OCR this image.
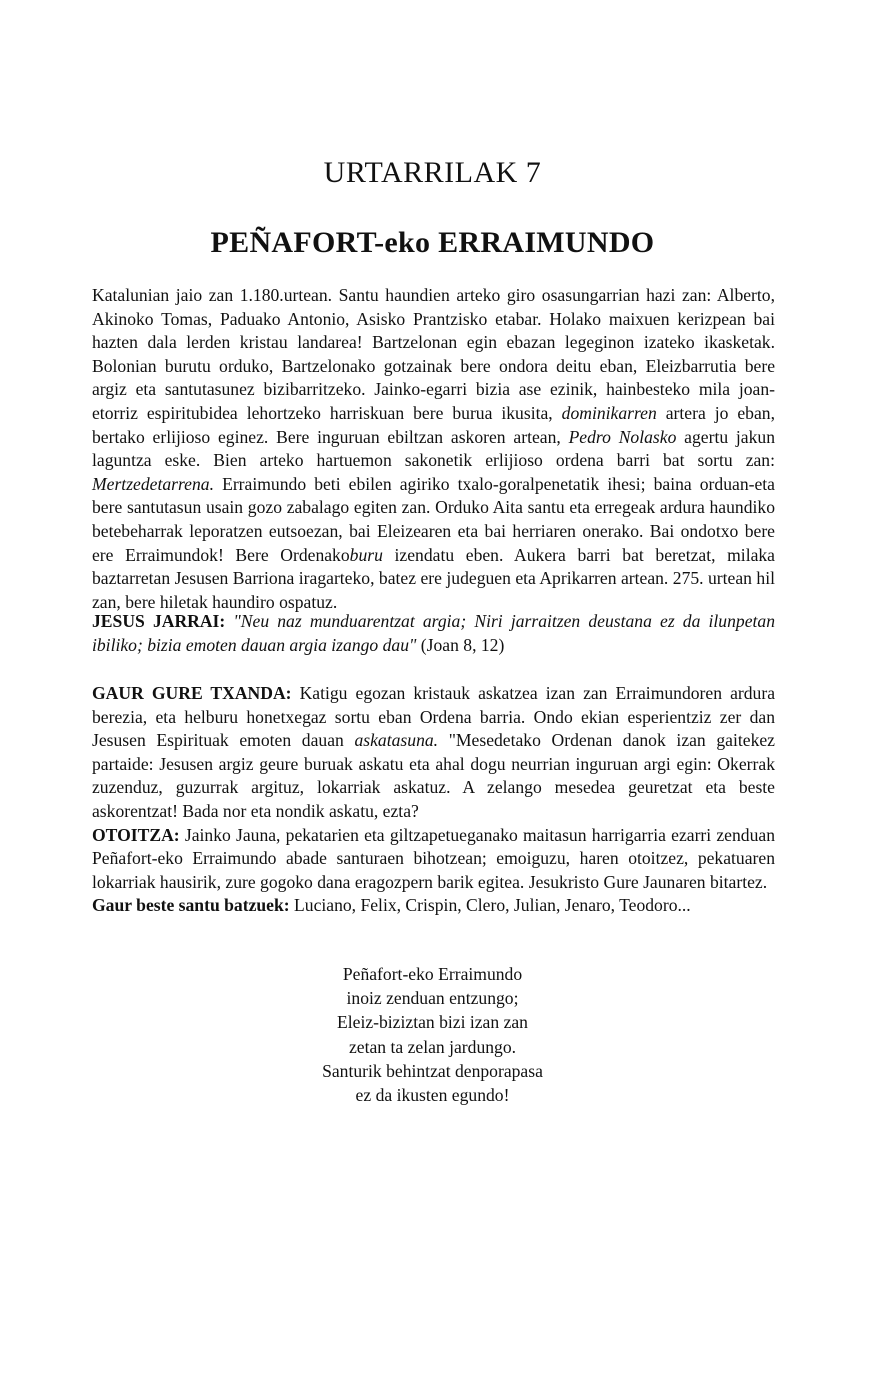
URTARRILAK 7
PEÑAFORT-eko ERRAIMUNDO
Katalunian jaio zan 1.180.urtean. Santu haundien arteko giro osasungarrian hazi zan: Alberto, Akinoko Tomas, Paduako Antonio, Asisko Prantzisko etabar. Holako maixuen kerizpean bai hazten dala lerden kristau landarea! Bartzelonan egin ebazan legeginon izateko ikasketak. Bolonian burutu orduko, Bartzelonako gotzainak bere ondora deitu eban, Eleizbarrutia bere argiz eta santutasunez bizibarritzeko. Jainko-egarri bizia ase ezinik, hainbesteko mila joan-etorriz espiritubidea lehortzeko harriskuan bere burua ikusita, dominikarren artera jo eban, bertako erlijioso eginez. Bere inguruan ebiltzan askoren artean, Pedro Nolasko agertu jakun laguntza eske. Bien arteko hartuemon sakonetik erlijioso ordena barri bat sortu zan: Mertzedetarrena. Erraimundo beti ebilen agiriko txalo-goralpenetatik ihesi; baina orduan-eta bere santutasun usain gozo zabalago egiten zan. Orduko Aita santu eta erregeak ardura haundiko betebeharrak leporatzen eutsoezan, bai Eleizearen eta bai herriaren onerako. Bai ondotxo bere ere Erraimundok! Bere Ordenakoburu izendatu eben. Aukera barri bat beretzat, milaka baztarretan Jesusen Barriona iragarteko, batez ere judeguen eta Aprikarren artean. 275. urtean hil zan, bere hiletak haundiro ospatuz.
JESUS JARRAI: "Neu naz munduarentzat argia; Niri jarraitzen deustana ez da ilunpetan ibiliko; bizia emoten dauan argia izango dau" (Joan 8, 12)
GAUR GURE TXANDA: Katigu egozan kristauk askatzea izan zan Erraimundoren ardura berezia, eta helburu honetxegaz sortu eban Ordena barria. Ondo ekian esperientziz zer dan Jesusen Espirituak emoten dauan askatasuna. "Mesedetako Ordenan danok izan gaitekez partaide: Jesusen argiz geure buruak askatu eta ahal dogu neurrian inguruan argi egin: Okerrak zuzenduz, guzurrak argituz, lokarriak askatuz. A zelango mesedea geuretzat eta beste askorentzat! Bada nor eta nondik askatu, ezta?
OTOITZA: Jainko Jauna, pekatarien eta giltzapetueganako maitasun harrigarria ezarri zenduan Peñafort-eko Erraimundo abade santuraen bihotzean; emoiguzu, haren otoitzez, pekatuaren lokarriak hausirik, zure gogoko dana eragozpern barik egitea. Jesukristo Gure Jaunaren bitartez.
Gaur beste santu batzuek: Luciano, Felix, Crispin, Clero, Julian, Jenaro, Teodoro...
Peñafort-eko Erraimundo
inoiz zenduan entzungo;
Eleiz-biziztan bizi izan zan
zetan ta zelan jardungo.
Santurik behintzat denporapasa
ez da ikusten egundo!
